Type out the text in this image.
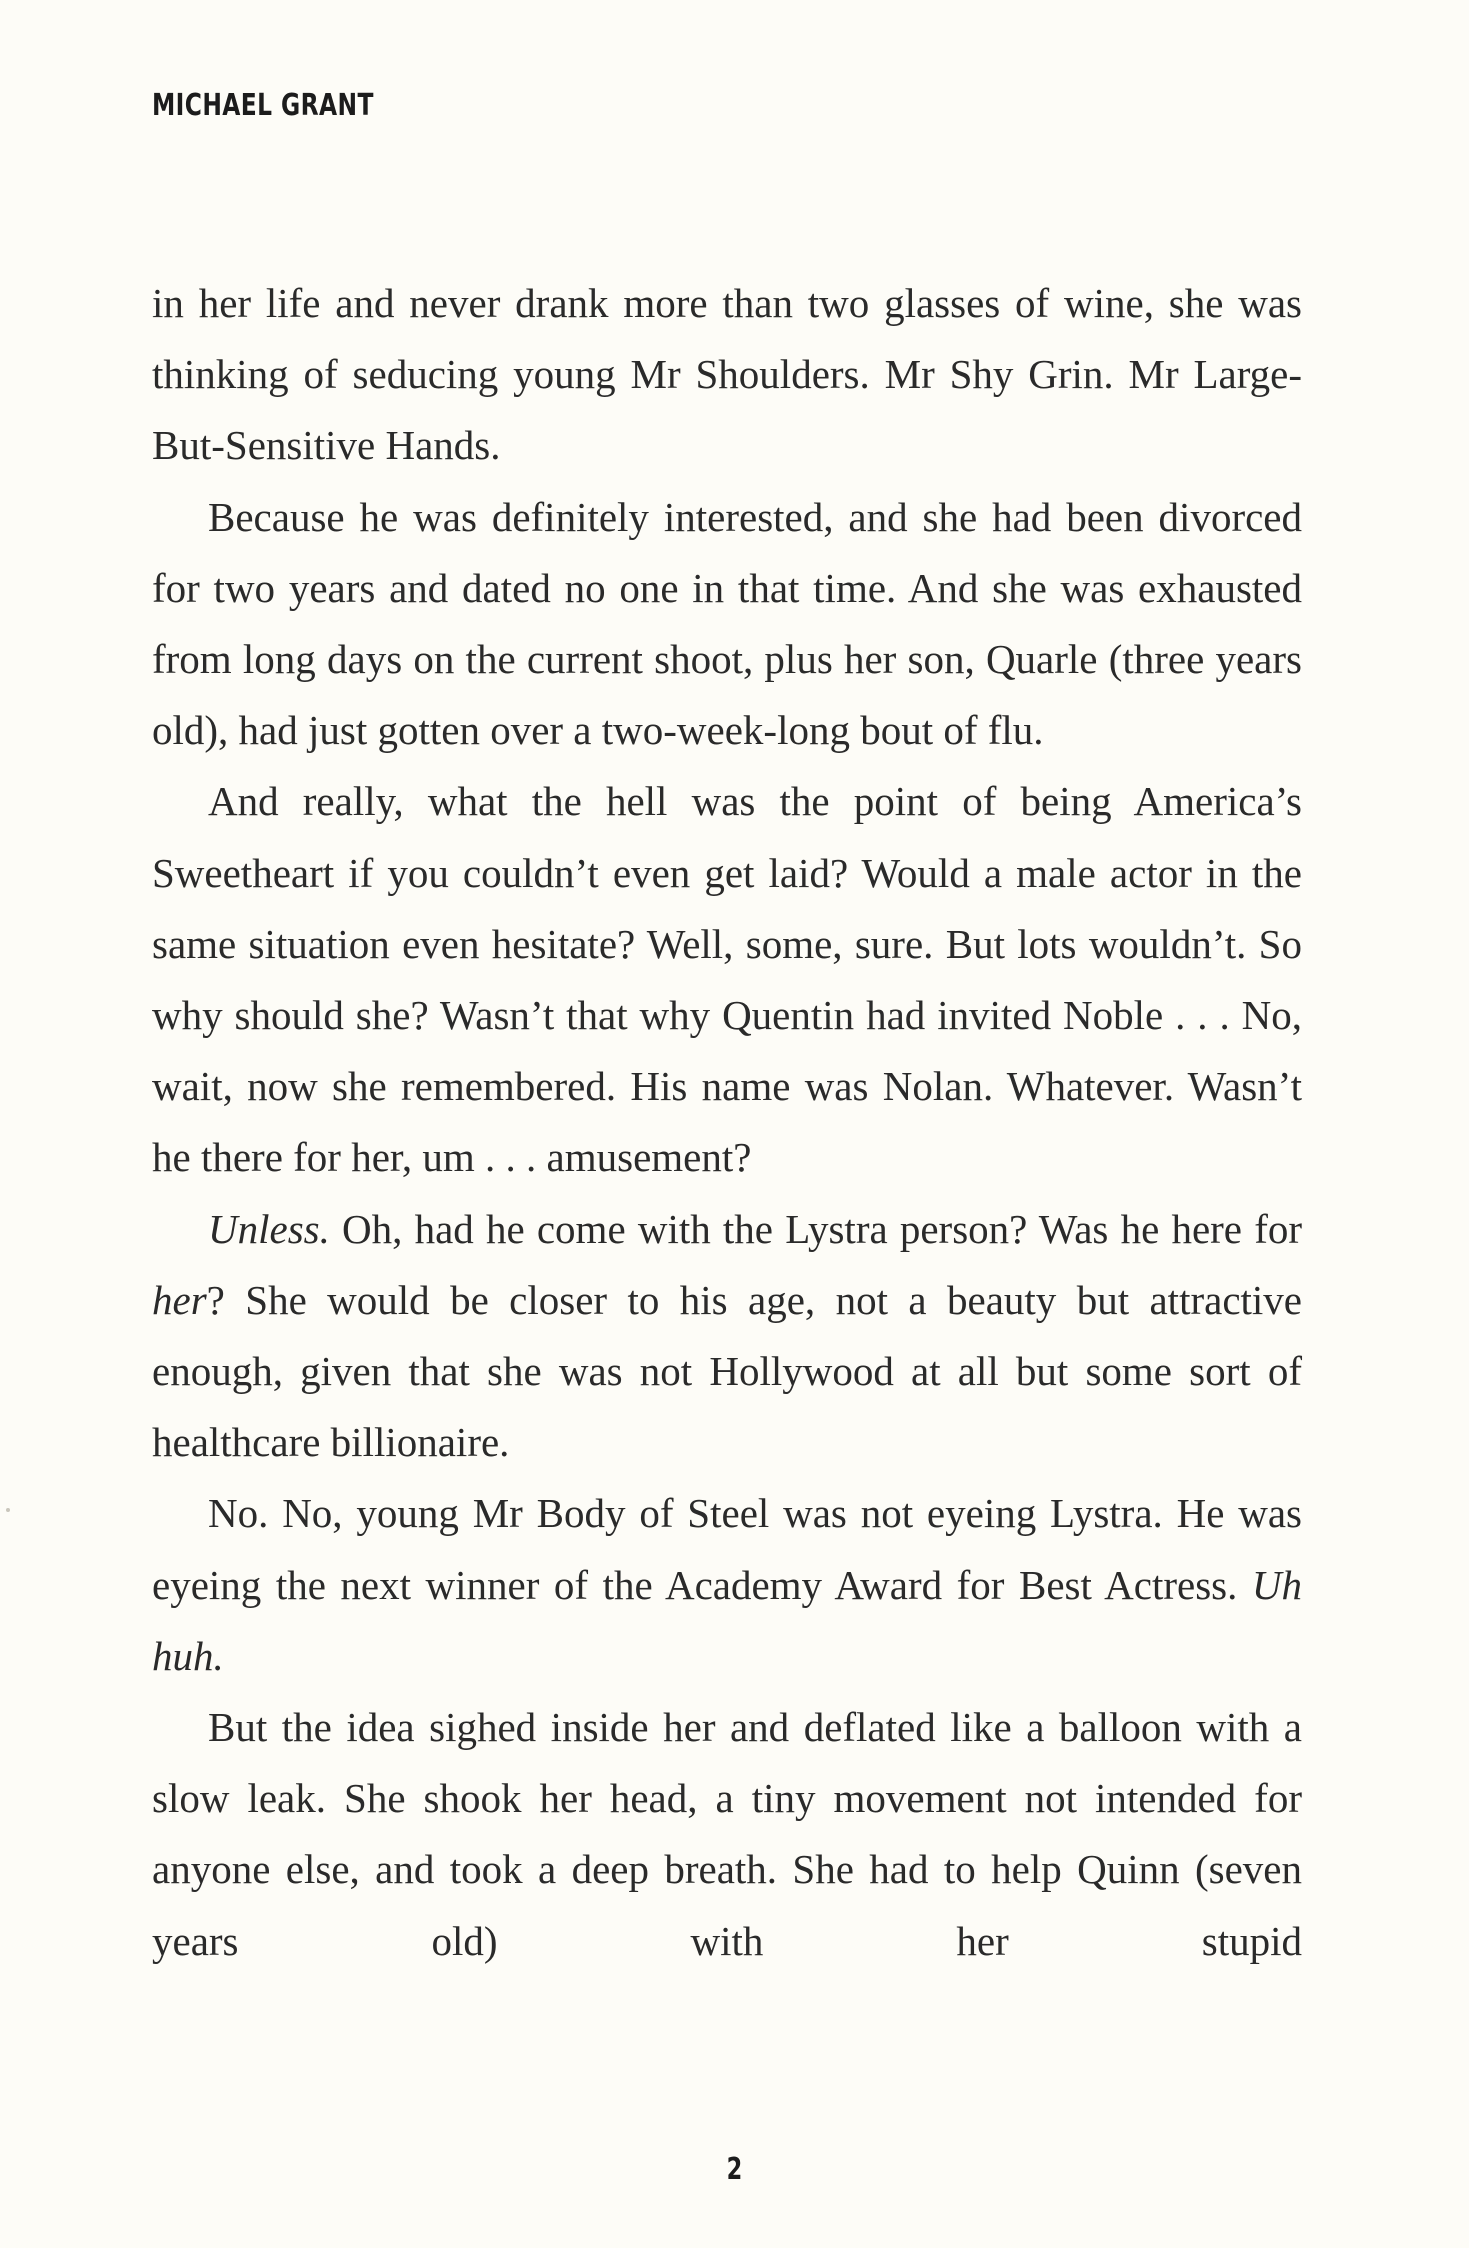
MICHAEL GRANT

in her life and never drank more than two glasses of wine, she was thinking of seducing young Mr Shoulders. Mr Shy Grin. Mr Large-But-Sensitive Hands.

Because he was definitely interested, and she had been divorced for two years and dated no one in that time. And she was exhausted from long days on the current shoot, plus her son, Quarle (three years old), had just gotten over a two-week-long bout of flu.

And really, what the hell was the point of being America’s Sweetheart if you couldn’t even get laid? Would a male actor in the same situation even hesitate? Well, some, sure. But lots wouldn’t. So why should she? Wasn’t that why Quentin had invited Noble . . . No, wait, now she remembered. His name was Nolan. Whatever. Wasn’t he there for her, um . . . amusement?

Unless. Oh, had he come with the Lystra person? Was he here for her? She would be closer to his age, not a beauty but attractive enough, given that she was not Hollywood at all but some sort of healthcare billionaire.

No. No, young Mr Body of Steel was not eyeing Lystra. He was eyeing the next winner of the Academy Award for Best Actress. Uh huh.

But the idea sighed inside her and deflated like a balloon with a slow leak. She shook her head, a tiny movement not intended for anyone else, and took a deep breath. She had to help Quinn (seven years old) with her stupid

2
